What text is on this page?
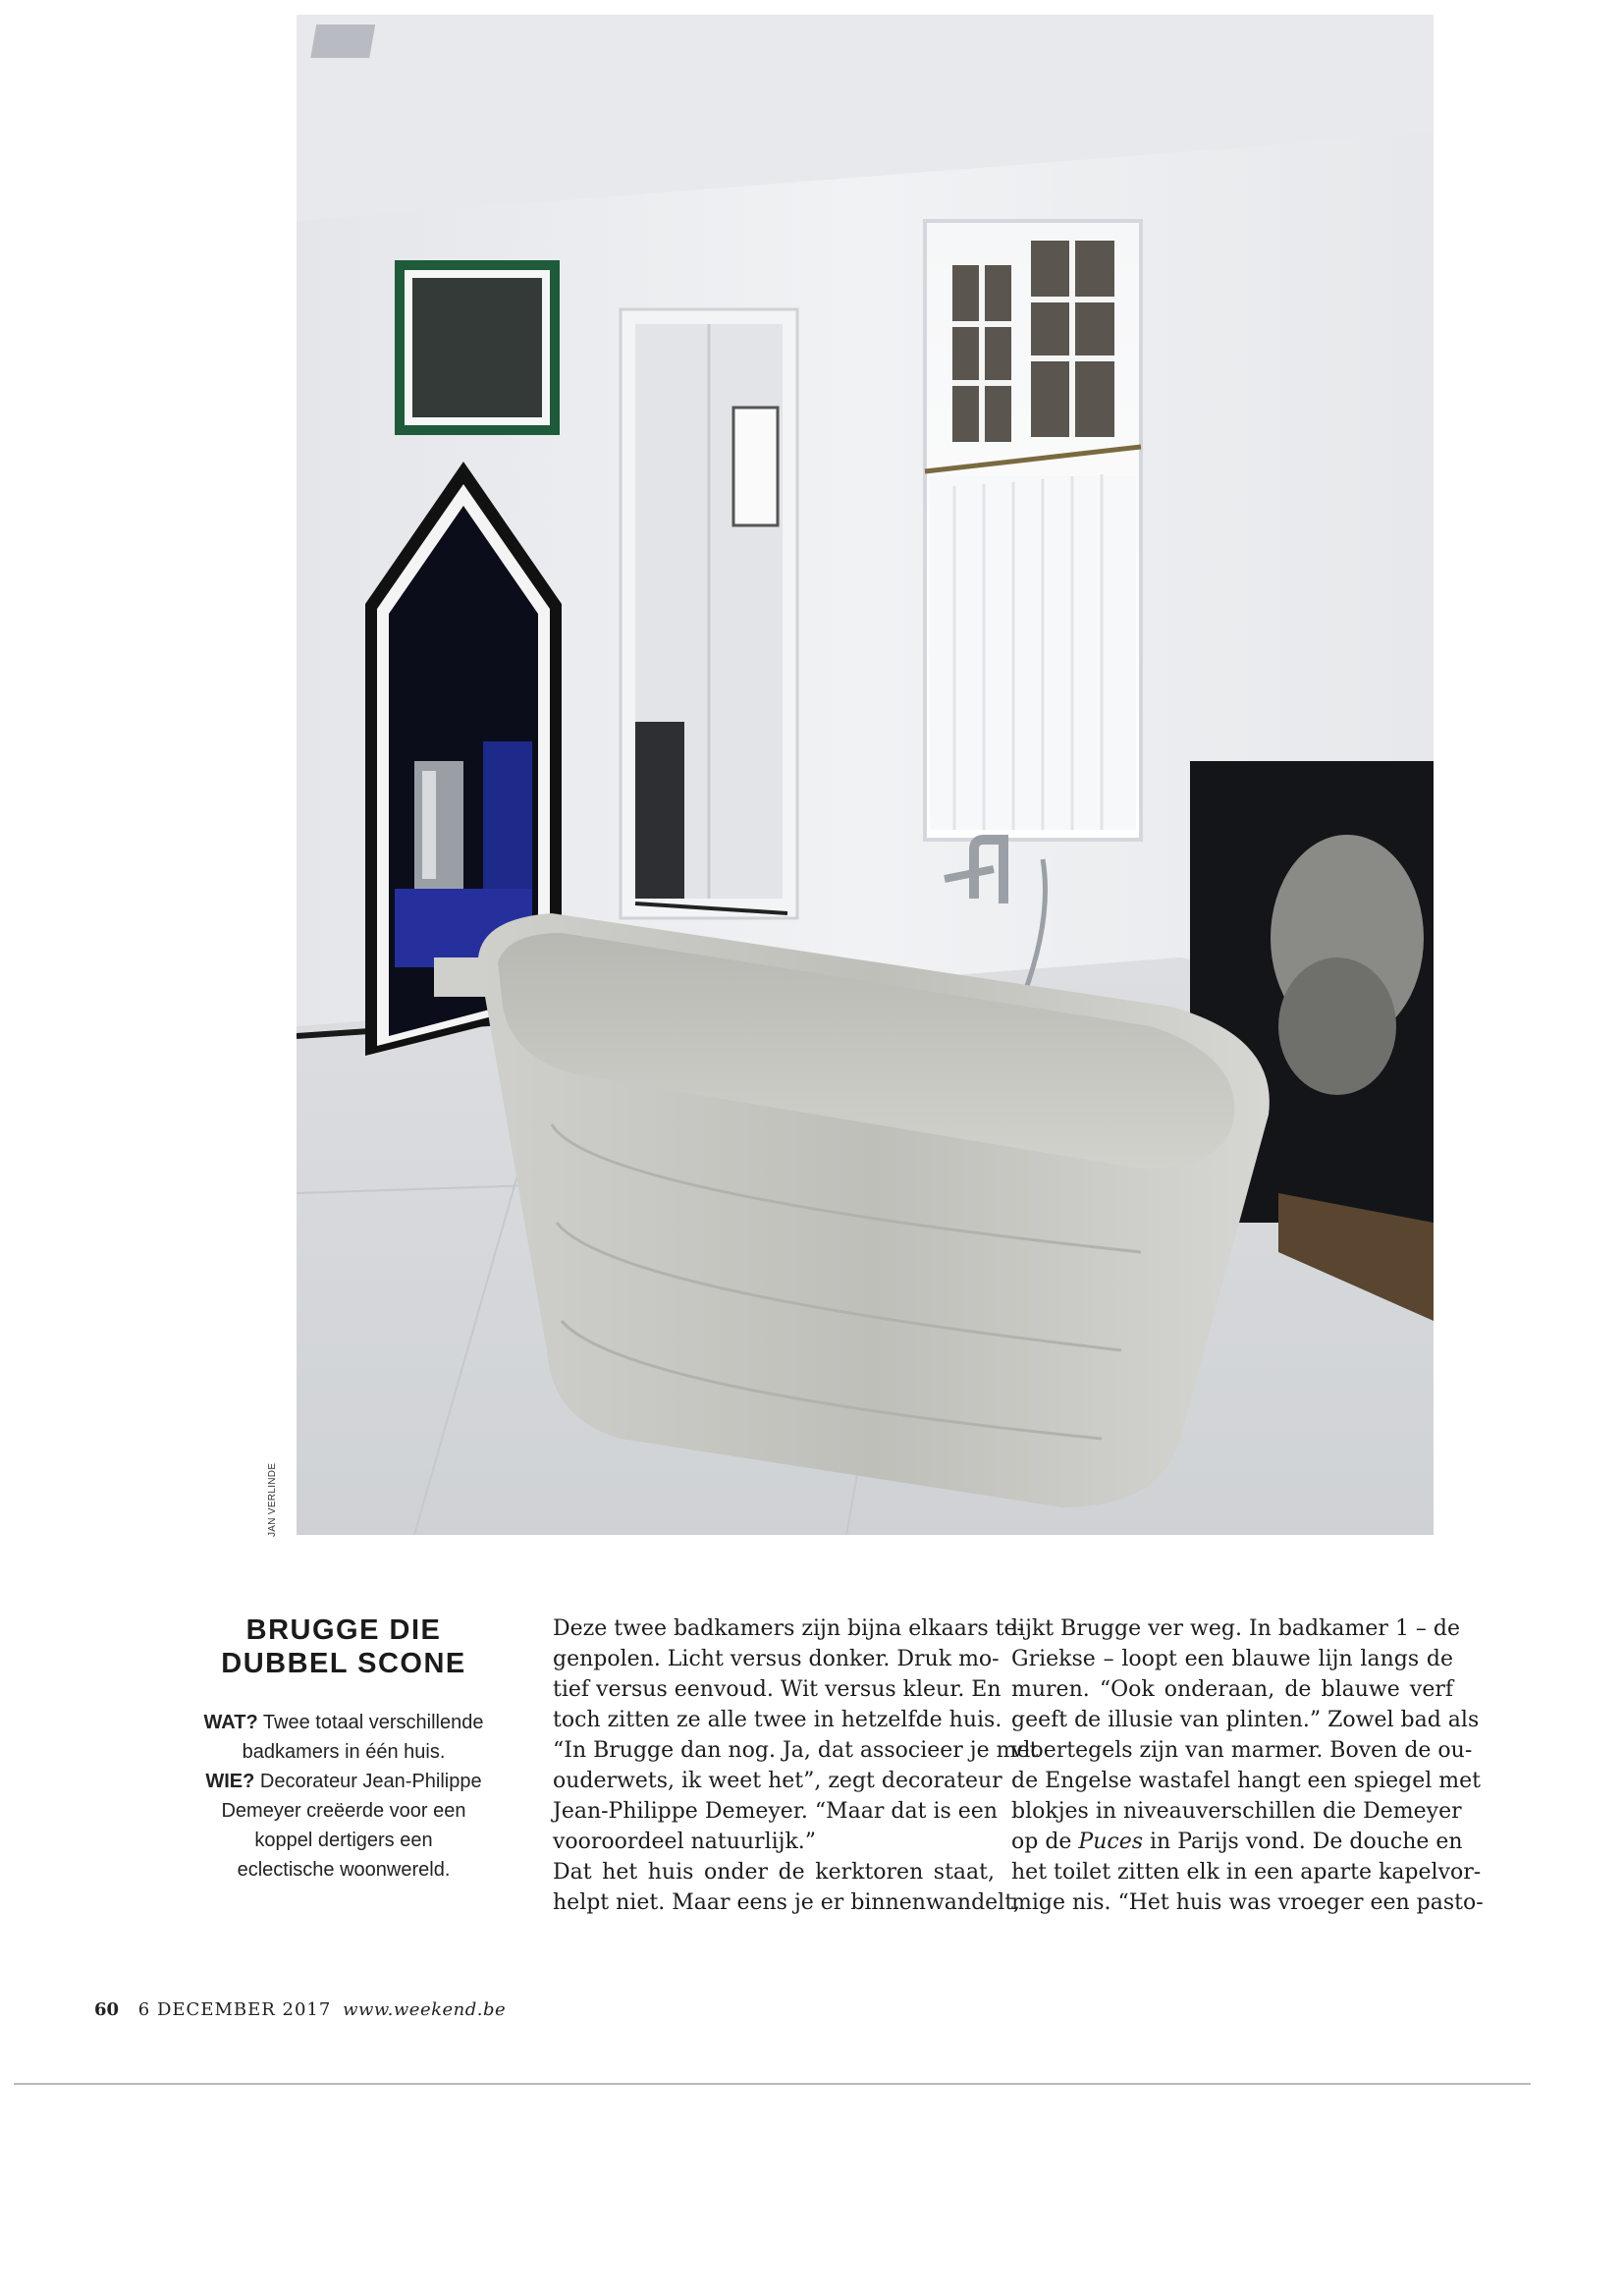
JAN VERLINDE
BRUGGE DIE
DUBBEL SCONE

WAT? Twee totaal verschillende

badkamers in één huis.

WIE? Decorateur Jean-Philippe

Demeyer creëerde voor een

koppel dertigers een

eclectische woonwereld.

Deze twee badkamers zijn bijna elkaars te-
genpolen. Licht versus donker. Druk mo-
tief versus eenvoud. Wit versus kleur. En
toch zitten ze alle twee in hetzelfde huis.
“In Brugge dan nog. Ja, dat associeer je met
ouderwets, ik weet het”, zegt decorateur
Jean-Philippe Demeyer. “Maar dat is een
vooroordeel natuurlijk.”
Dat het huis onder de kerktoren staat,
helpt niet. Maar eens je er binnenwandelt,
lijkt Brugge ver weg. In badkamer 1 – de
Griekse – loopt een blauwe lijn langs de
muren. “Ook onderaan, de blauwe verf
geeft de illusie van plinten.” Zowel bad als
vloertegels zijn van marmer. Boven de ou-
de Engelse wastafel hangt een spiegel met
blokjes in niveauverschillen die Demeyer
op de Puces in Parijs vond. De douche en
het toilet zitten elk in een aparte kapelvor-
mige nis. “Het huis was vroeger een pasto-
60 6 DECEMBER 2017 www.weekend.be
